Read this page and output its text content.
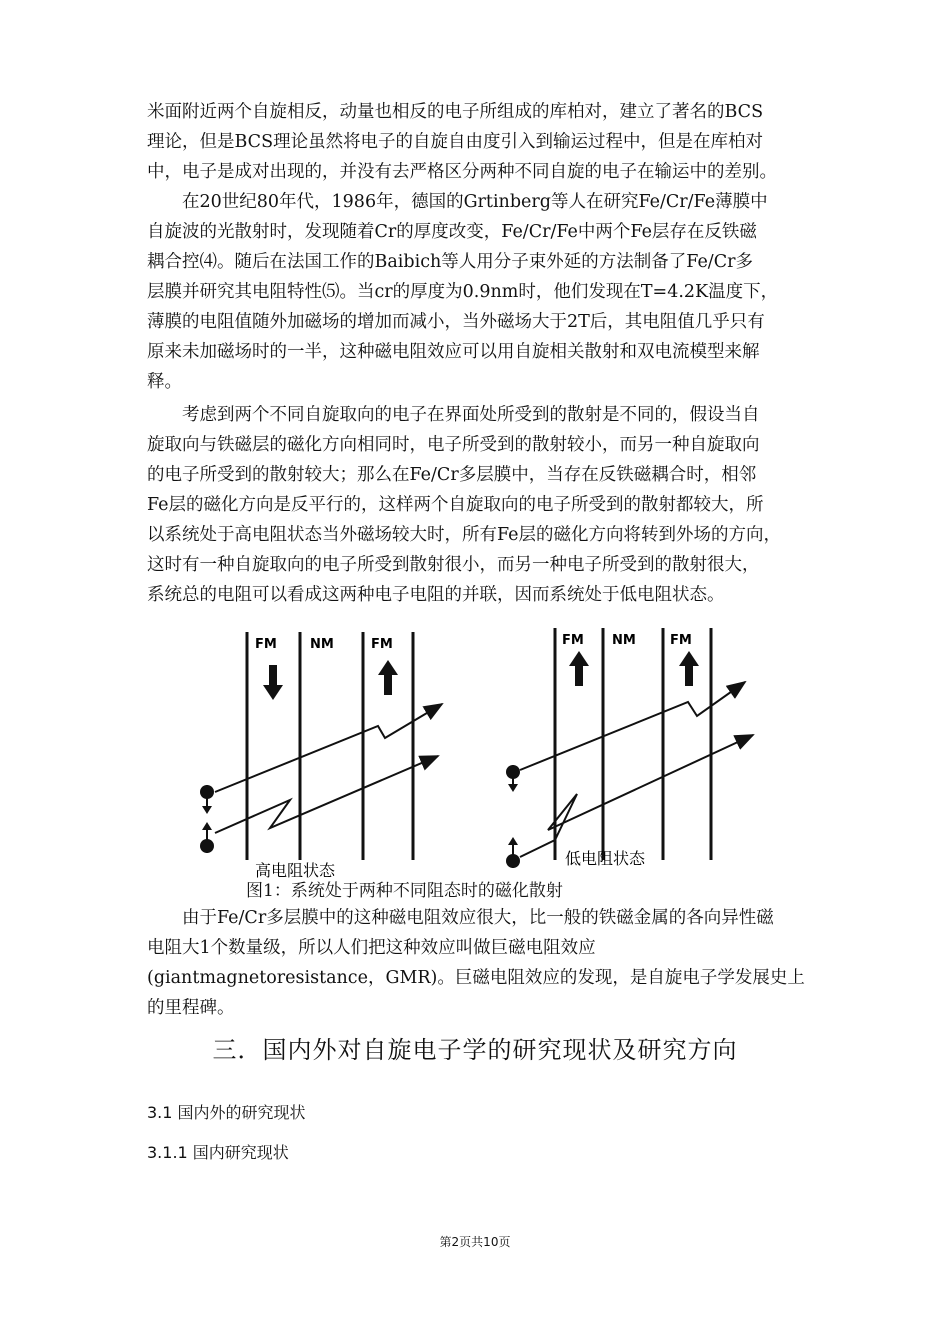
米面附近两个自旋相反，动量也相反的电子所组成的库柏对，建立了著名的BCS
理论，但是BCS理论虽然将电子的自旋自由度引入到输运过程中，但是在库柏对
中，电子是成对出现的，并没有去严格区分两种不同自旋的电子在输运中的差别。
　　在20世纪80年代，1986年，德国的Grtinberg等人在研究Fe/Cr/Fe薄膜中
自旋波的光散射时，发现随着Cr的厚度改变，Fe/Cr/Fe中两个Fe层存在反铁磁
耦合控⑷。随后在法国工作的Baibich等人用分子束外延的方法制备了Fe/Cr多
层膜并研究其电阻特性⑸。当cr的厚度为0.9nm时，他们发现在T=4.2K温度下，
薄膜的电阻值随外加磁场的增加而减小，当外磁场大于2T后，其电阻值几乎只有
原来未加磁场时的一半，这种磁电阻效应可以用自旋相关散射和双电流模型来解
释。
　　考虑到两个不同自旋取向的电子在界面处所受到的散射是不同的，假设当自
旋取向与铁磁层的磁化方向相同时，电子所受到的散射较小，而另一种自旋取向
的电子所受到的散射较大；那么在Fe/Cr多层膜中，当存在反铁磁耦合时，相邻
Fe层的磁化方向是反平行的，这样两个自旋取向的电子所受到的散射都较大，所
以系统处于高电阻状态当外磁场较大时，所有Fe层的磁化方向将转到外场的方向，
这时有一种自旋取向的电子所受到散射很小，而另一种电子所受到的散射很大，
系统总的电阻可以看成这两种电子电阻的并联，因而系统处于低电阻状态。
FM	NM	FM
高电阻状态
FM NM	FM
低电阻状态
图1：系统处于两种不同阻态时的磁化散射
　　由于Fe/Cr多层膜中的这种磁电阻效应很大，比一般的铁磁金属的各向异性磁
电阻大1个数量级，所以人们把这种效应叫做巨磁电阻效应
(giantmagnetoresistance，GMR)。巨磁电阻效应的发现，是自旋电子学发展史上
的里程碑。
三．国内外对自旋电子学的研究现状及研究方向
3.1 国内外的研究现状
3.1.1 国内研究现状
第2页共10页
